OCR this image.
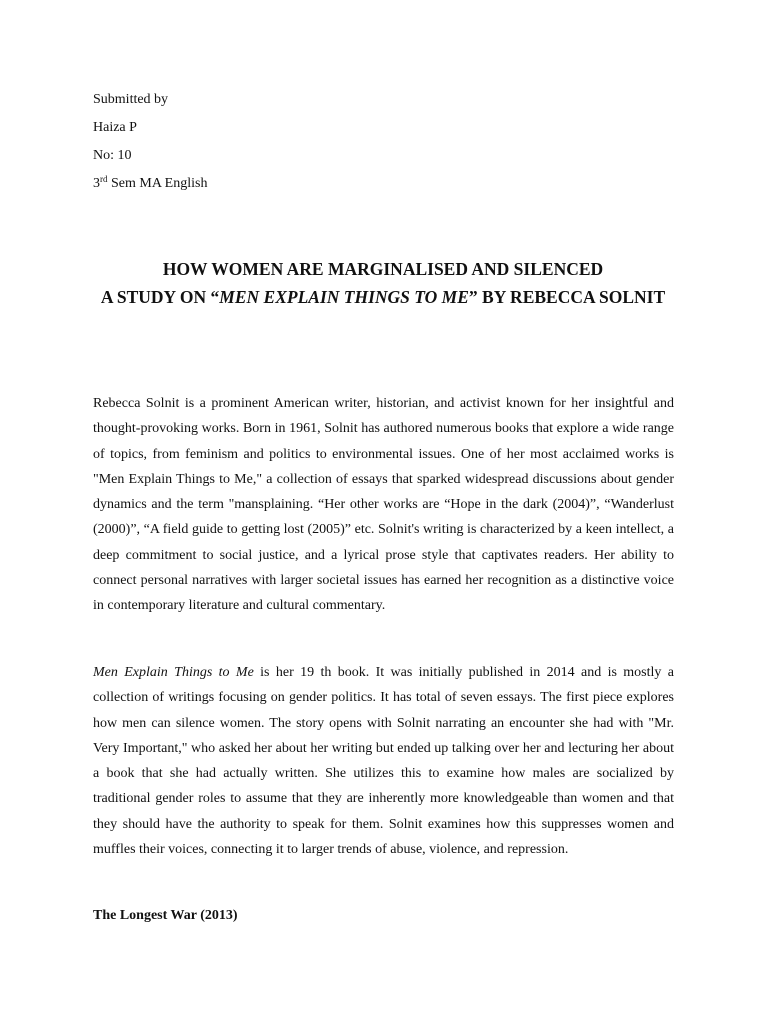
Submitted by
Haiza P
No: 10
3rd Sem MA English
HOW WOMEN ARE MARGINALISED AND SILENCED
A STUDY ON “MEN EXPLAIN THINGS TO ME” BY REBECCA SOLNIT

Rebecca Solnit is a prominent American writer, historian, and activist known for her insightful and thought-provoking works. Born in 1961, Solnit has authored numerous books that explore a wide range of topics, from feminism and politics to environmental issues. One of her most acclaimed works is "Men Explain Things to Me," a collection of essays that sparked widespread discussions about gender dynamics and the term "mansplaining. “Her other works are “Hope in the dark (2004)”, “Wanderlust (2000)”, “A field guide to getting lost (2005)” etc. Solnit's writing is characterized by a keen intellect, a deep commitment to social justice, and a lyrical prose style that captivates readers. Her ability to connect personal narratives with larger societal issues has earned her recognition as a distinctive voice in contemporary literature and cultural commentary.

Men Explain Things to Me is her 19 th book. It was initially published in 2014 and is mostly a collection of writings focusing on gender politics. It has total of seven essays. The first piece explores how men can silence women. The story opens with Solnit narrating an encounter she had with "Mr. Very Important," who asked her about her writing but ended up talking over her and lecturing her about a book that she had actually written. She utilizes this to examine how males are socialized by traditional gender roles to assume that they are inherently more knowledgeable than women and that they should have the authority to speak for them. Solnit examines how this suppresses women and muffles their voices, connecting it to larger trends of abuse, violence, and repression.

The Longest War (2013)
